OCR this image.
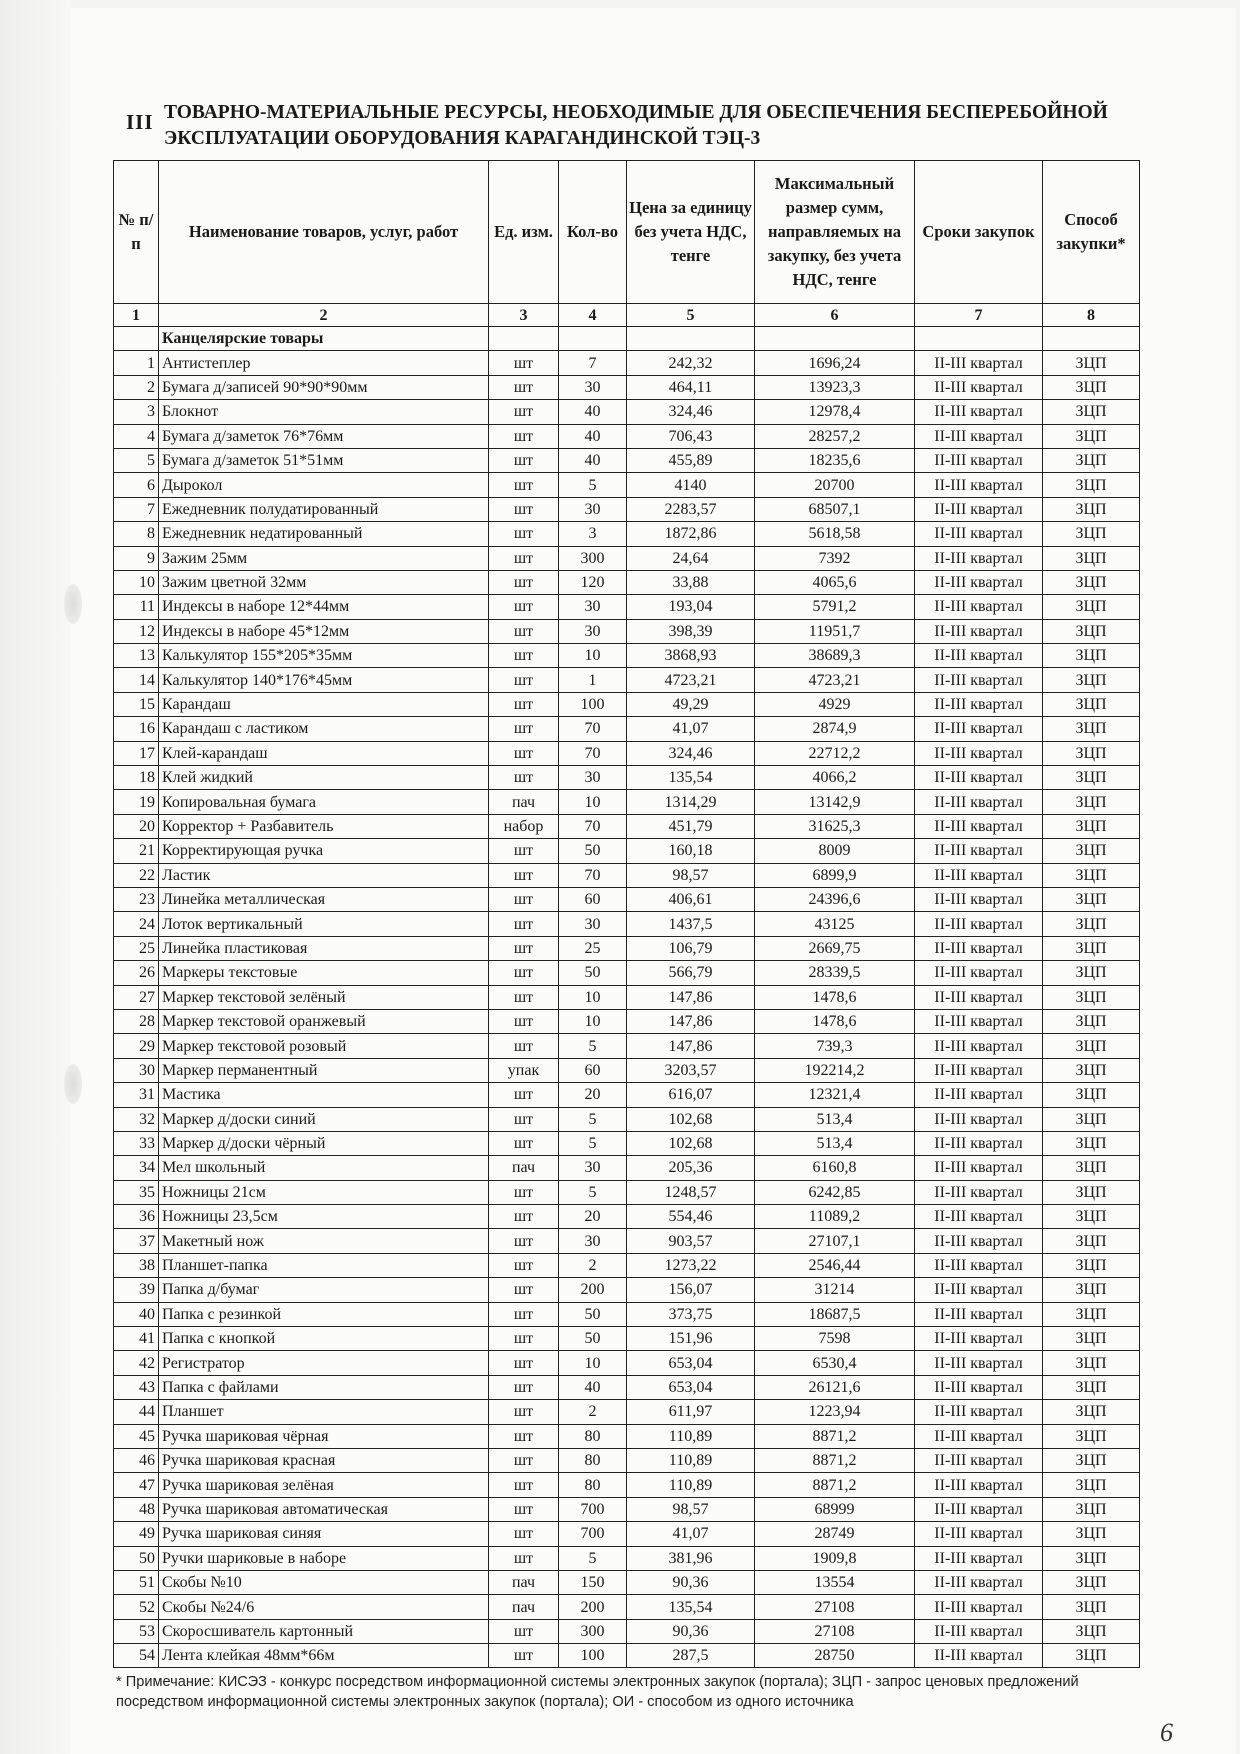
III ТОВАРНО-МАТЕРИАЛЬНЫЕ РЕСУРСЫ, НЕОБХОДИМЫЕ ДЛЯ ОБЕСПЕЧЕНИЯ БЕСПЕРЕБОЙНОЙ ЭКСПЛУАТАЦИИ ОБОРУДОВАНИЯ КАРАГАНДИНСКОЙ ТЭЦ-3
№ п/п	Наименование товаров, услуг, работ	Ед. изм.	Кол-во	Цена за единицу без учета НДС, тенге	Максимальный размер сумм, направляемых на закупку, без учета НДС, тенге	Сроки закупок	Способ закупки*
1	2	3	4	5	6	7	8
	Канцелярские товары						
1	Антистеплер	шт	7	242,32	1696,24	II-III квартал	ЗЦП
2	Бумага д/записей 90*90*90мм	шт	30	464,11	13923,3	II-III квартал	ЗЦП
3	Блокнот	шт	40	324,46	12978,4	II-III квартал	ЗЦП
4	Бумага д/заметок 76*76мм	шт	40	706,43	28257,2	II-III квартал	ЗЦП
5	Бумага д/заметок 51*51мм	шт	40	455,89	18235,6	II-III квартал	ЗЦП
6	Дырокол	шт	5	4140	20700	II-III квартал	ЗЦП
7	Ежедневник полудатированный	шт	30	2283,57	68507,1	II-III квартал	ЗЦП
8	Ежедневник недатированный	шт	3	1872,86	5618,58	II-III квартал	ЗЦП
9	Зажим 25мм	шт	300	24,64	7392	II-III квартал	ЗЦП
10	Зажим цветной 32мм	шт	120	33,88	4065,6	II-III квартал	ЗЦП
11	Индексы в наборе 12*44мм	шт	30	193,04	5791,2	II-III квартал	ЗЦП
12	Индексы в наборе 45*12мм	шт	30	398,39	11951,7	II-III квартал	ЗЦП
13	Калькулятор 155*205*35мм	шт	10	3868,93	38689,3	II-III квартал	ЗЦП
14	Калькулятор 140*176*45мм	шт	1	4723,21	4723,21	II-III квартал	ЗЦП
15	Карандаш	шт	100	49,29	4929	II-III квартал	ЗЦП
16	Карандаш с ластиком	шт	70	41,07	2874,9	II-III квартал	ЗЦП
17	Клей-карандаш	шт	70	324,46	22712,2	II-III квартал	ЗЦП
18	Клей жидкий	шт	30	135,54	4066,2	II-III квартал	ЗЦП
19	Копировальная бумага	пач	10	1314,29	13142,9	II-III квартал	ЗЦП
20	Корректор + Разбавитель	набор	70	451,79	31625,3	II-III квартал	ЗЦП
21	Корректирующая ручка	шт	50	160,18	8009	II-III квартал	ЗЦП
22	Ластик	шт	70	98,57	6899,9	II-III квартал	ЗЦП
23	Линейка металлическая	шт	60	406,61	24396,6	II-III квартал	ЗЦП
24	Лоток вертикальный	шт	30	1437,5	43125	II-III квартал	ЗЦП
25	Линейка пластиковая	шт	25	106,79	2669,75	II-III квартал	ЗЦП
26	Маркеры текстовые	шт	50	566,79	28339,5	II-III квартал	ЗЦП
27	Маркер текстовой зелёный	шт	10	147,86	1478,6	II-III квартал	ЗЦП
28	Маркер текстовой оранжевый	шт	10	147,86	1478,6	II-III квартал	ЗЦП
29	Маркер текстовой розовый	шт	5	147,86	739,3	II-III квартал	ЗЦП
30	Маркер перманентный	упак	60	3203,57	192214,2	II-III квартал	ЗЦП
31	Мастика	шт	20	616,07	12321,4	II-III квартал	ЗЦП
32	Маркер д/доски синий	шт	5	102,68	513,4	II-III квартал	ЗЦП
33	Маркер д/доски чёрный	шт	5	102,68	513,4	II-III квартал	ЗЦП
34	Мел школьный	пач	30	205,36	6160,8	II-III квартал	ЗЦП
35	Ножницы 21см	шт	5	1248,57	6242,85	II-III квартал	ЗЦП
36	Ножницы 23,5см	шт	20	554,46	11089,2	II-III квартал	ЗЦП
37	Макетный нож	шт	30	903,57	27107,1	II-III квартал	ЗЦП
38	Планшет-папка	шт	2	1273,22	2546,44	II-III квартал	ЗЦП
39	Папка д/бумаг	шт	200	156,07	31214	II-III квартал	ЗЦП
40	Папка с резинкой	шт	50	373,75	18687,5	II-III квартал	ЗЦП
41	Папка с кнопкой	шт	50	151,96	7598	II-III квартал	ЗЦП
42	Регистратор	шт	10	653,04	6530,4	II-III квартал	ЗЦП
43	Папка с файлами	шт	40	653,04	26121,6	II-III квартал	ЗЦП
44	Планшет	шт	2	611,97	1223,94	II-III квартал	ЗЦП
45	Ручка шариковая чёрная	шт	80	110,89	8871,2	II-III квартал	ЗЦП
46	Ручка шариковая красная	шт	80	110,89	8871,2	II-III квартал	ЗЦП
47	Ручка шариковая зелёная	шт	80	110,89	8871,2	II-III квартал	ЗЦП
48	Ручка шариковая автоматическая	шт	700	98,57	68999	II-III квартал	ЗЦП
49	Ручка шариковая синяя	шт	700	41,07	28749	II-III квартал	ЗЦП
50	Ручки шариковые в наборе	шт	5	381,96	1909,8	II-III квартал	ЗЦП
51	Скобы №10	пач	150	90,36	13554	II-III квартал	ЗЦП
52	Скобы №24/6	пач	200	135,54	27108	II-III квартал	ЗЦП
53	Скоросшиватель картонный	шт	300	90,36	27108	II-III квартал	ЗЦП
54	Лента клейкая 48мм*66м	шт	100	287,5	28750	II-III квартал	ЗЦП
* Примечание: КИСЭЗ - конкурс посредством информационной системы электронных закупок (портала); ЗЦП - запрос ценовых предложений посредством информационной системы электронных закупок (портала); ОИ - способом из одного источника
6
